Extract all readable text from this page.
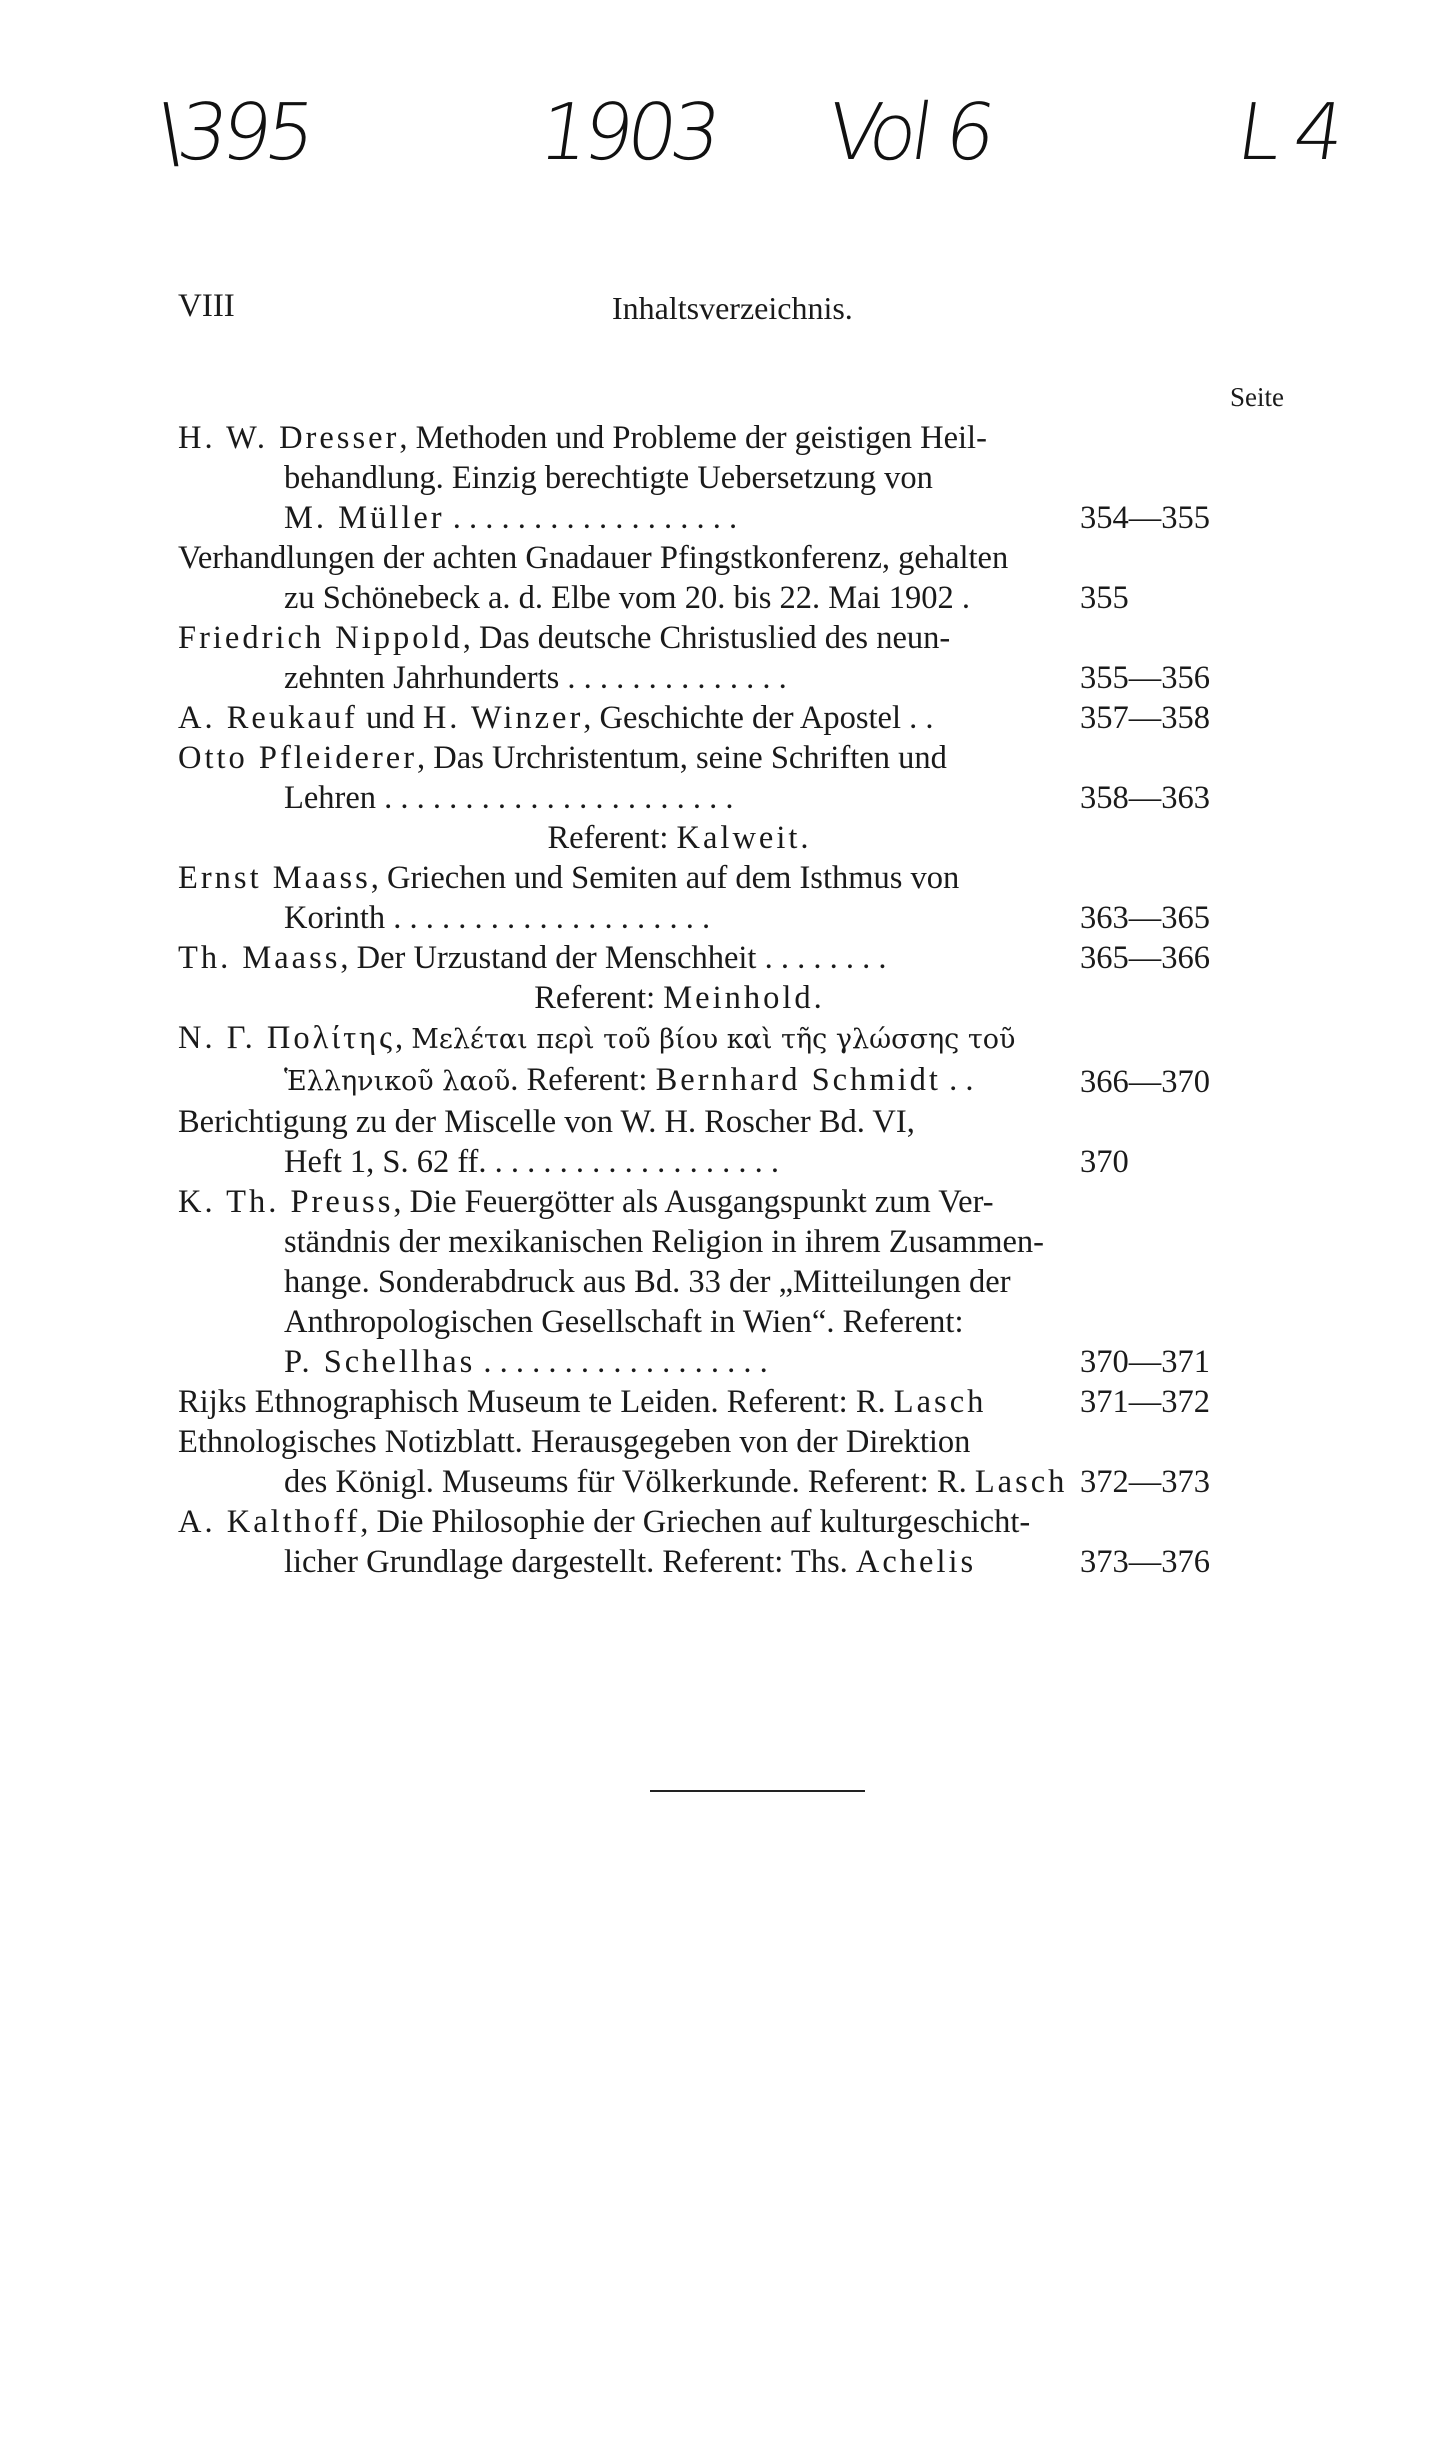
\395	1903 Vol 6	L 4
VIII	Inhaltsverzeichnis.
Seite
H. W. Dresser, Methoden und Probleme der geistigen Heil-
behandlung. Einzig berechtigte Uebersetzung von
M. Müller . . . . . . . . . . . . . . . . . .	354—355
Verhandlungen der achten Gnadauer Pfingstkonferenz, gehalten
zu Schönebeck a. d. Elbe vom 20. bis 22. Mai 1902 .	355
Friedrich Nippold, Das deutsche Christuslied des neun-
zehnten Jahrhunderts . . . . . . . . . . . . . .	355—356
A. Reukauf und H. Winzer, Geschichte der Apostel . .	357—358
Otto Pfleiderer, Das Urchristentum, seine Schriften und
Lehren . . . . . . . . . . . . . . . . . . . . . .	358—363
Referent: Kalweit.
Ernst Maass, Griechen und Semiten auf dem Isthmus von
Korinth . . . . . . . . . . . . . . . . . . . .	363—365
Th. Maass, Der Urzustand der Menschheit . . . . . . . .	365—366
Referent: Meinhold.
N. Γ. Πολίτης, Μελέται περὶ τοῦ βίου καὶ τῆς γλώσσης τοῦ
Ἑλληνικοῦ λαοῦ. Referent: Bernhard Schmidt . .	366—370
Berichtigung zu der Miscelle von W. H. Roscher Bd. VI,
Heft 1, S. 62 ff. . . . . . . . . . . . . . . . . . .	370
K. Th. Preuss, Die Feuergötter als Ausgangspunkt zum Ver-
ständnis der mexikanischen Religion in ihrem Zusammen-
hange. Sonderabdruck aus Bd. 33 der „Mitteilungen der
Anthropologischen Gesellschaft in Wien“. Referent:
P. Schellhas . . . . . . . . . . . . . . . . . .	370—371
Rijks Ethnographisch Museum te Leiden. Referent: R. Lasch	371—372
Ethnologisches Notizblatt. Herausgegeben von der Direktion
des Königl. Museums für Völkerkunde. Referent: R. Lasch 372—373
A. Kalthoff, Die Philosophie der Griechen auf kulturgeschicht-
licher Grundlage dargestellt. Referent: Ths. Achelis	373—376
